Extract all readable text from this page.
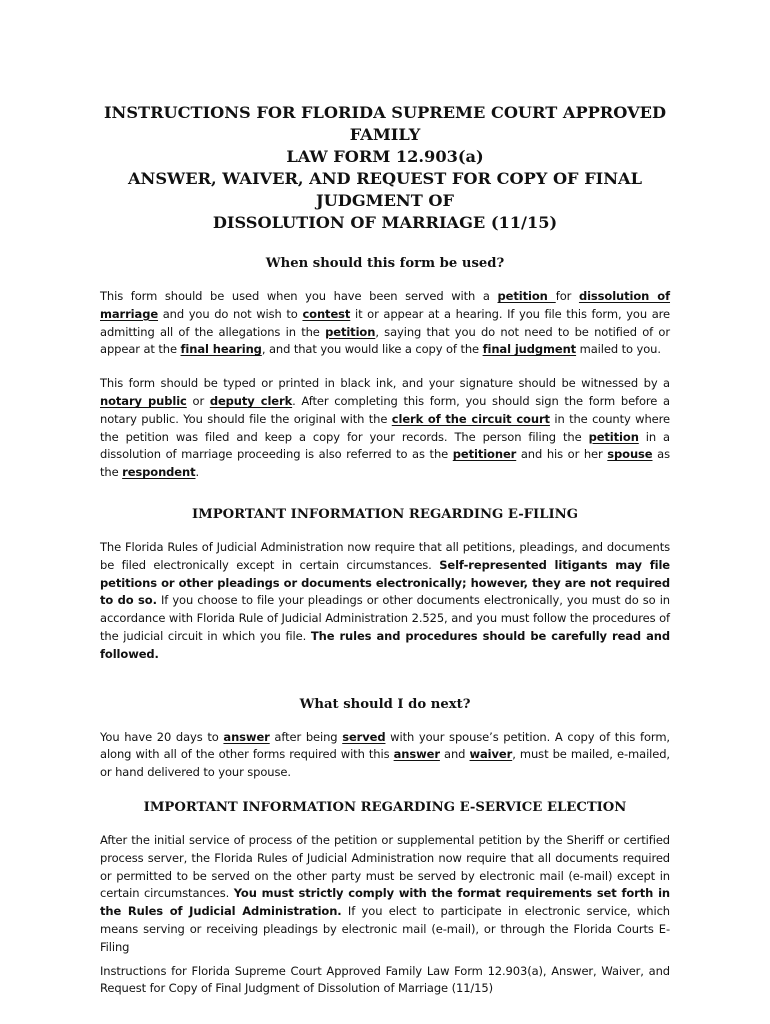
INSTRUCTIONS FOR FLORIDA SUPREME COURT APPROVED FAMILY

LAW FORM 12.903(a)

ANSWER, WAIVER, AND REQUEST FOR COPY OF FINAL JUDGMENT OF

DISSOLUTION OF MARRIAGE (11/15)

When should this form be used?

This form should be used when you have been served with a petition for dissolution of marriage and you do not wish to contest it or appear at a hearing. If you file this form, you are admitting all of the allegations in the petition, saying that you do not need to be notified of or appear at the final hearing, and that you would like a copy of the final judgment mailed to you.

This form should be typed or printed in black ink, and your signature should be witnessed by a notary public or deputy clerk. After completing this form, you should sign the form before a notary public. You should file the original with the clerk of the circuit court in the county where the petition was filed and keep a copy for your records. The person filing the petition in a dissolution of marriage proceeding is also referred to as the petitioner and his or her spouse as the respondent.

IMPORTANT INFORMATION REGARDING E-FILING

The Florida Rules of Judicial Administration now require that all petitions, pleadings, and documents be filed electronically except in certain circumstances. Self-represented litigants may file petitions or other pleadings or documents electronically; however, they are not required to do so. If you choose to file your pleadings or other documents electronically, you must do so in accordance with Florida Rule of Judicial Administration 2.525, and you must follow the procedures of the judicial circuit in which you file. The rules and procedures should be carefully read and followed.

What should I do next?

You have 20 days to answer after being served with your spouse’s petition. A copy of this form, along with all of the other forms required with this answer and waiver, must be mailed, e-mailed, or hand delivered to your spouse.

IMPORTANT INFORMATION REGARDING E-SERVICE ELECTION

After the initial service of process of the petition or supplemental petition by the Sheriff or certified process server, the Florida Rules of Judicial Administration now require that all documents required or permitted to be served on the other party must be served by electronic mail (e-mail) except in certain circumstances. You must strictly comply with the format requirements set forth in the Rules of Judicial Administration. If you elect to participate in electronic service, which means serving or receiving pleadings by electronic mail (e-mail), or through the Florida Courts E-Filing

Instructions for Florida Supreme Court Approved Family Law Form 12.903(a), Answer, Waiver, and Request for Copy of Final Judgment of Dissolution of Marriage (11/15)
